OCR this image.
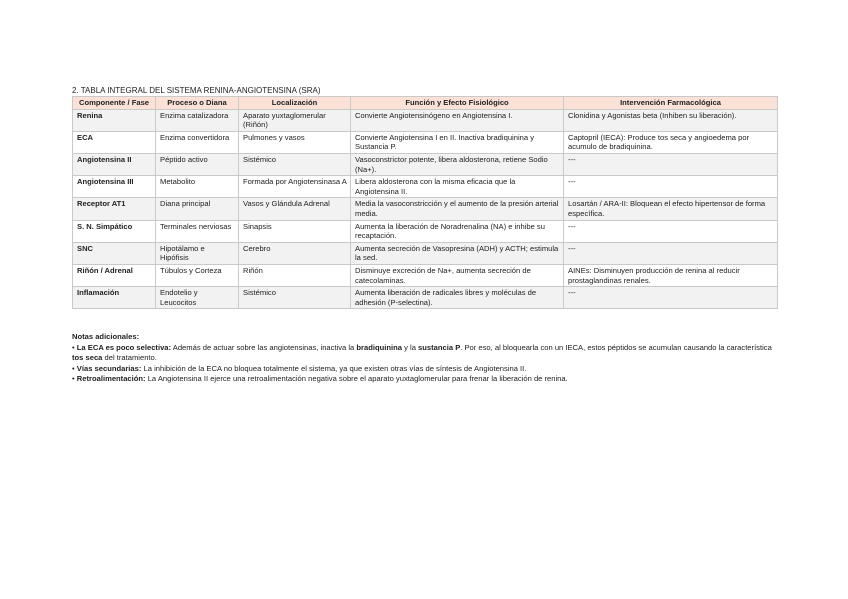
2. TABLA INTEGRAL DEL SISTEMA RENINA-ANGIOTENSINA (SRA)

Componente / Fase	Proceso o Diana	Localización	Función y Efecto Fisiológico	Intervención Farmacológica
Renina	Enzima catalizadora	Aparato yuxtaglomerular (Riñón)	Convierte Angiotensinógeno en Angiotensina I.	Clonidina y Agonistas beta (Inhiben su liberación).
ECA	Enzima convertidora	Pulmones y vasos	Convierte Angiotensina I en II. Inactiva bradiquinina y Sustancia P.	Captopril (IECA): Produce tos seca y angioedema por acumulo de bradiquinina.
Angiotensina II	Péptido activo	Sistémico	Vasoconstrictor potente, libera aldosterona, retiene Sodio (Na+).	---
Angiotensina III	Metabolito	Formada por Angiotensinasa A	Libera aldosterona con la misma eficacia que la Angiotensina II.	---
Receptor AT1	Diana principal	Vasos y Glándula Adrenal	Media la vasoconstricción y el aumento de la presión arterial media.	Losartán / ARA-II: Bloquean el efecto hipertensor de forma específica.
S. N. Simpático	Terminales nerviosas	Sinapsis	Aumenta la liberación de Noradrenalina (NA) e inhibe su recaptación.	---
SNC	Hipotálamo e Hipófisis	Cerebro	Aumenta secreción de Vasopresina (ADH) y ACTH; estimula la sed.	---
Riñón / Adrenal	Túbulos y Corteza	Riñón	Disminuye excreción de Na+, aumenta secreción de catecolaminas.	AINEs: Disminuyen producción de renina al reducir prostaglandinas renales.
Inflamación	Endotelio y Leucocitos	Sistémico	Aumenta liberación de radicales libres y moléculas de adhesión (P-selectina).	---

Notas adicionales:

• La ECA es poco selectiva: Además de actuar sobre las angiotensinas, inactiva la bradiquinina y la sustancia P. Por eso, al bloquearla con un IECA, estos péptidos se acumulan causando la característica tos seca del tratamiento.

• Vías secundarias: La inhibición de la ECA no bloquea totalmente el sistema, ya que existen otras vías de síntesis de Angiotensina II.

• Retroalimentación: La Angiotensina II ejerce una retroalimentación negativa sobre el aparato yuxtaglomerular para frenar la liberación de renina.
